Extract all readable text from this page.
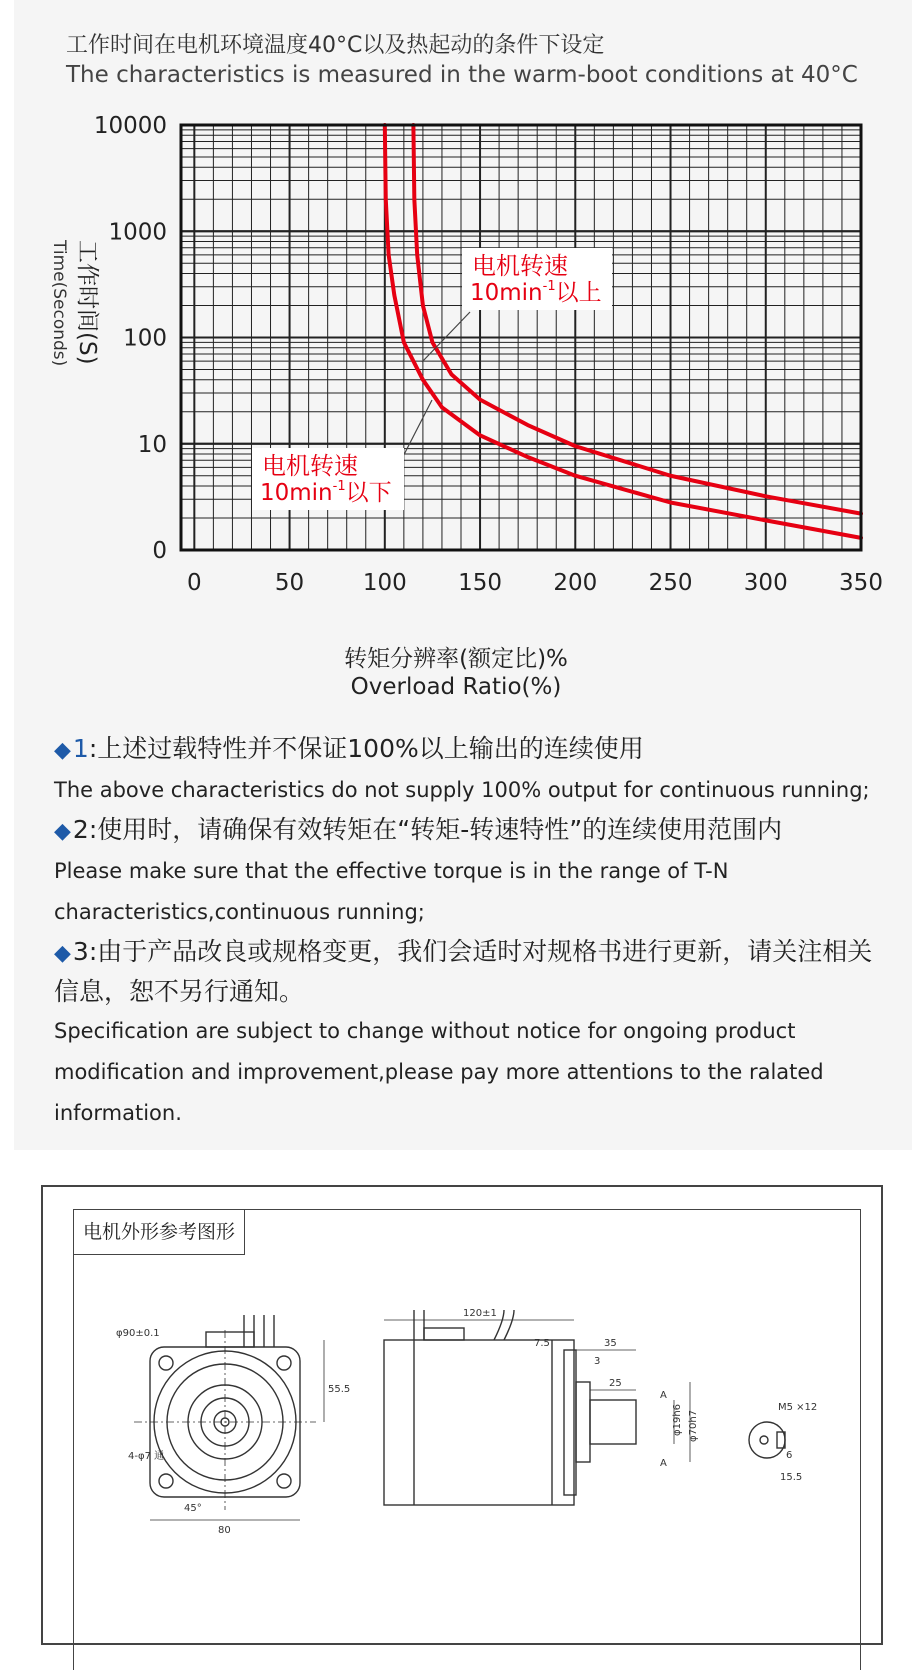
工作时间在电机环境温度40°C以及热起动的条件下设定
The characteristics is measured in the warm-boot conditions at 40°C
0	50	100 150 200 250 300 350
10000
1000
100
10
0
工作时间(S)
Time(Seconds)	电机转速
$10\min^{-1}$以上
电机转速
$10\min^{-1}$以下
转矩分辨率(额定比)%
Overload Ratio(%)

◆1:上述过载特性并不保证100%以上输出的连续使用

The above characteristics do not supply 100% output for continuous running;

◆2:使用时，请确保有效转矩在“转矩-转速特性”的连续使用范围内

Please make sure that the effective torque is in the range of T-N characteristics,continuous running;

◆3:由于产品改良或规格变更，我们会适时对规格书进行更新，请关注相关信息，恕不另行通知。

Specification are subject to change without notice for ongoing product modification and improvement,please pay more attentions to the ralated information.

φ90±0.1
55.5
4-φ7 通
45°
80
120±1
7.5	35
3
25
φ19h6 φ70h7
A
A
M5 ×12
6
15.5
电机外形参考图形
